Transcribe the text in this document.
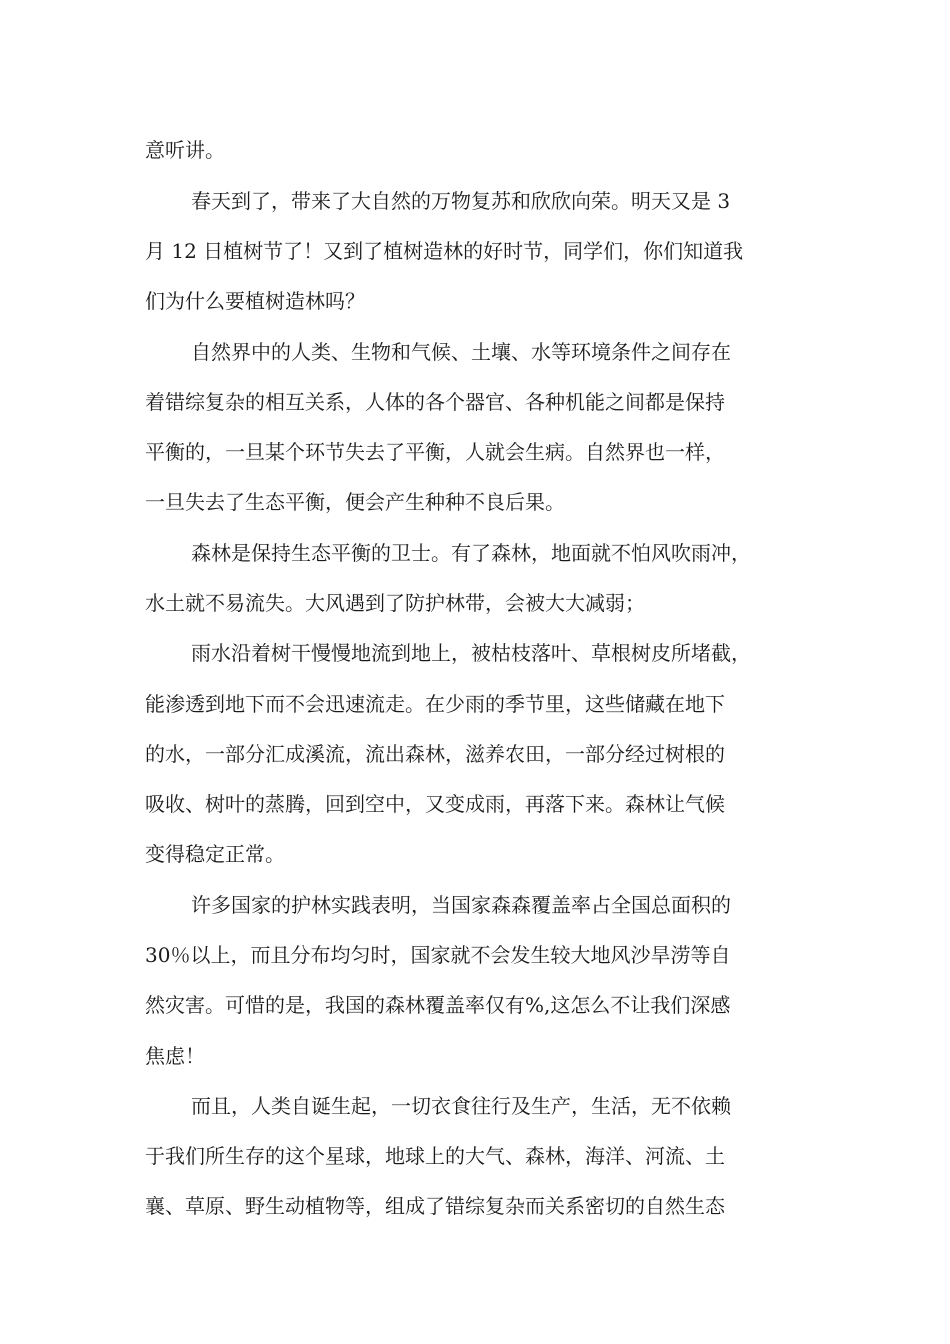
意听讲。
春天到了，带来了大自然的万物复苏和欣欣向荣。明天又是 3
月 12 日植树节了！又到了植树造林的好时节，同学们，你们知道我
们为什么要植树造林吗？
自然界中的人类、生物和气候、土壤、水等环境条件之间存在
着错综复杂的相互关系，人体的各个器官、各种机能之间都是保持
平衡的，一旦某个环节失去了平衡，人就会生病。自然界也一样，
一旦失去了生态平衡，便会产生种种不良后果。
森林是保持生态平衡的卫士。有了森林，地面就不怕风吹雨冲，
水土就不易流失。大风遇到了防护林带，会被大大减弱；
雨水沿着树干慢慢地流到地上，被枯枝落叶、草根树皮所堵截，
能渗透到地下而不会迅速流走。在少雨的季节里，这些储藏在地下
的水，一部分汇成溪流，流出森林，滋养农田，一部分经过树根的
吸收、树叶的蒸腾，回到空中，又变成雨，再落下来。森林让气候
变得稳定正常。
许多国家的护林实践表明，当国家森森覆盖率占全国总面积的
30％以上，而且分布均匀时，国家就不会发生较大地风沙旱涝等自
然灾害。可惜的是，我国的森林覆盖率仅有%,这怎么不让我们深感
焦虑！
而且，人类自诞生起，一切衣食往行及生产，生活，无不依赖
于我们所生存的这个星球，地球上的大气、森林，海洋、河流、土
襄、草原、野生动植物等，组成了错综复杂而关系密切的自然生态
